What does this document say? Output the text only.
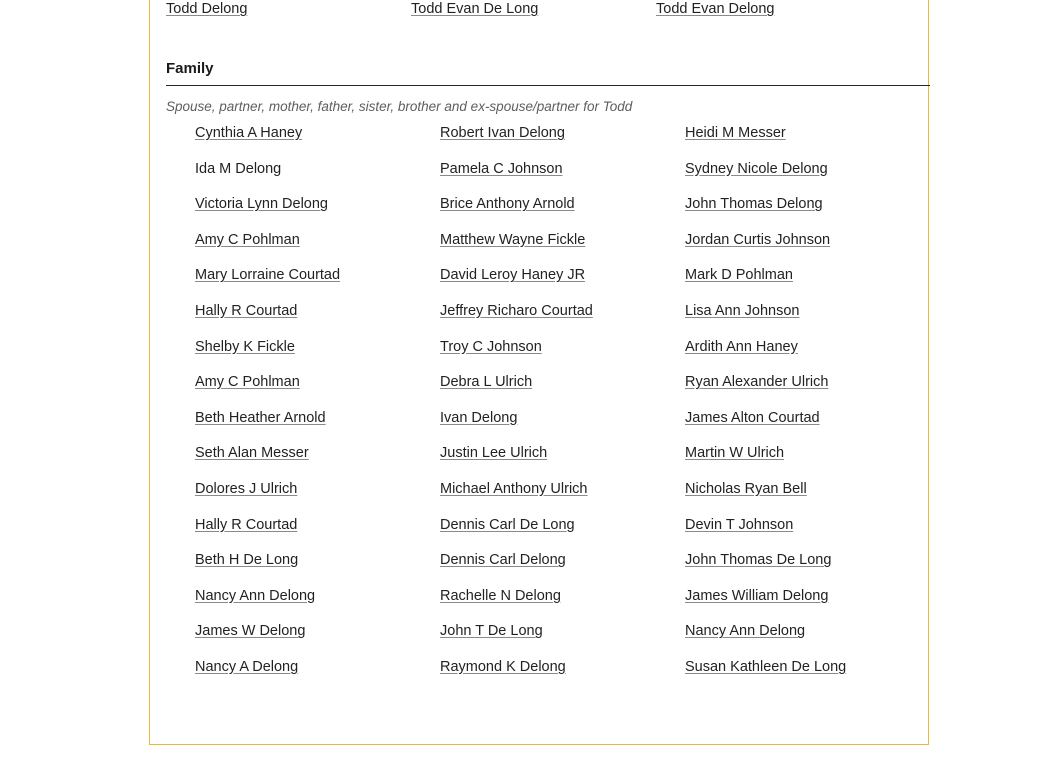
Todd Delong	Todd Evan De Long	Todd Evan Delong
Family
Spouse, partner, mother, father, sister, brother and ex-spouse/partner for Todd
Cynthia A Haney	Robert Ivan Delong	Heidi M Messer
Ida M Delong	Pamela C Johnson	Sydney Nicole Delong
Victoria Lynn Delong	Brice Anthony Arnold	John Thomas Delong
Amy C Pohlman	Matthew Wayne Fickle	Jordan Curtis Johnson
Mary Lorraine Courtad	David Leroy Haney JR	Mark D Pohlman
Hally R Courtad	Jeffrey Richaro Courtad	Lisa Ann Johnson
Shelby K Fickle	Troy C Johnson	Ardith Ann Haney
Amy C Pohlman	Debra L Ulrich	Ryan Alexander Ulrich
Beth Heather Arnold	Ivan Delong	James Alton Courtad
Seth Alan Messer	Justin Lee Ulrich	Martin W Ulrich
Dolores J Ulrich	Michael Anthony Ulrich	Nicholas Ryan Bell
Hally R Courtad	Dennis Carl De Long	Devin T Johnson
Beth H De Long	Dennis Carl Delong	John Thomas De Long
Nancy Ann Delong	Rachelle N Delong	James William Delong
James W Delong	John T De Long	Nancy Ann Delong
Nancy A Delong	Raymond K Delong	Susan Kathleen De Long
